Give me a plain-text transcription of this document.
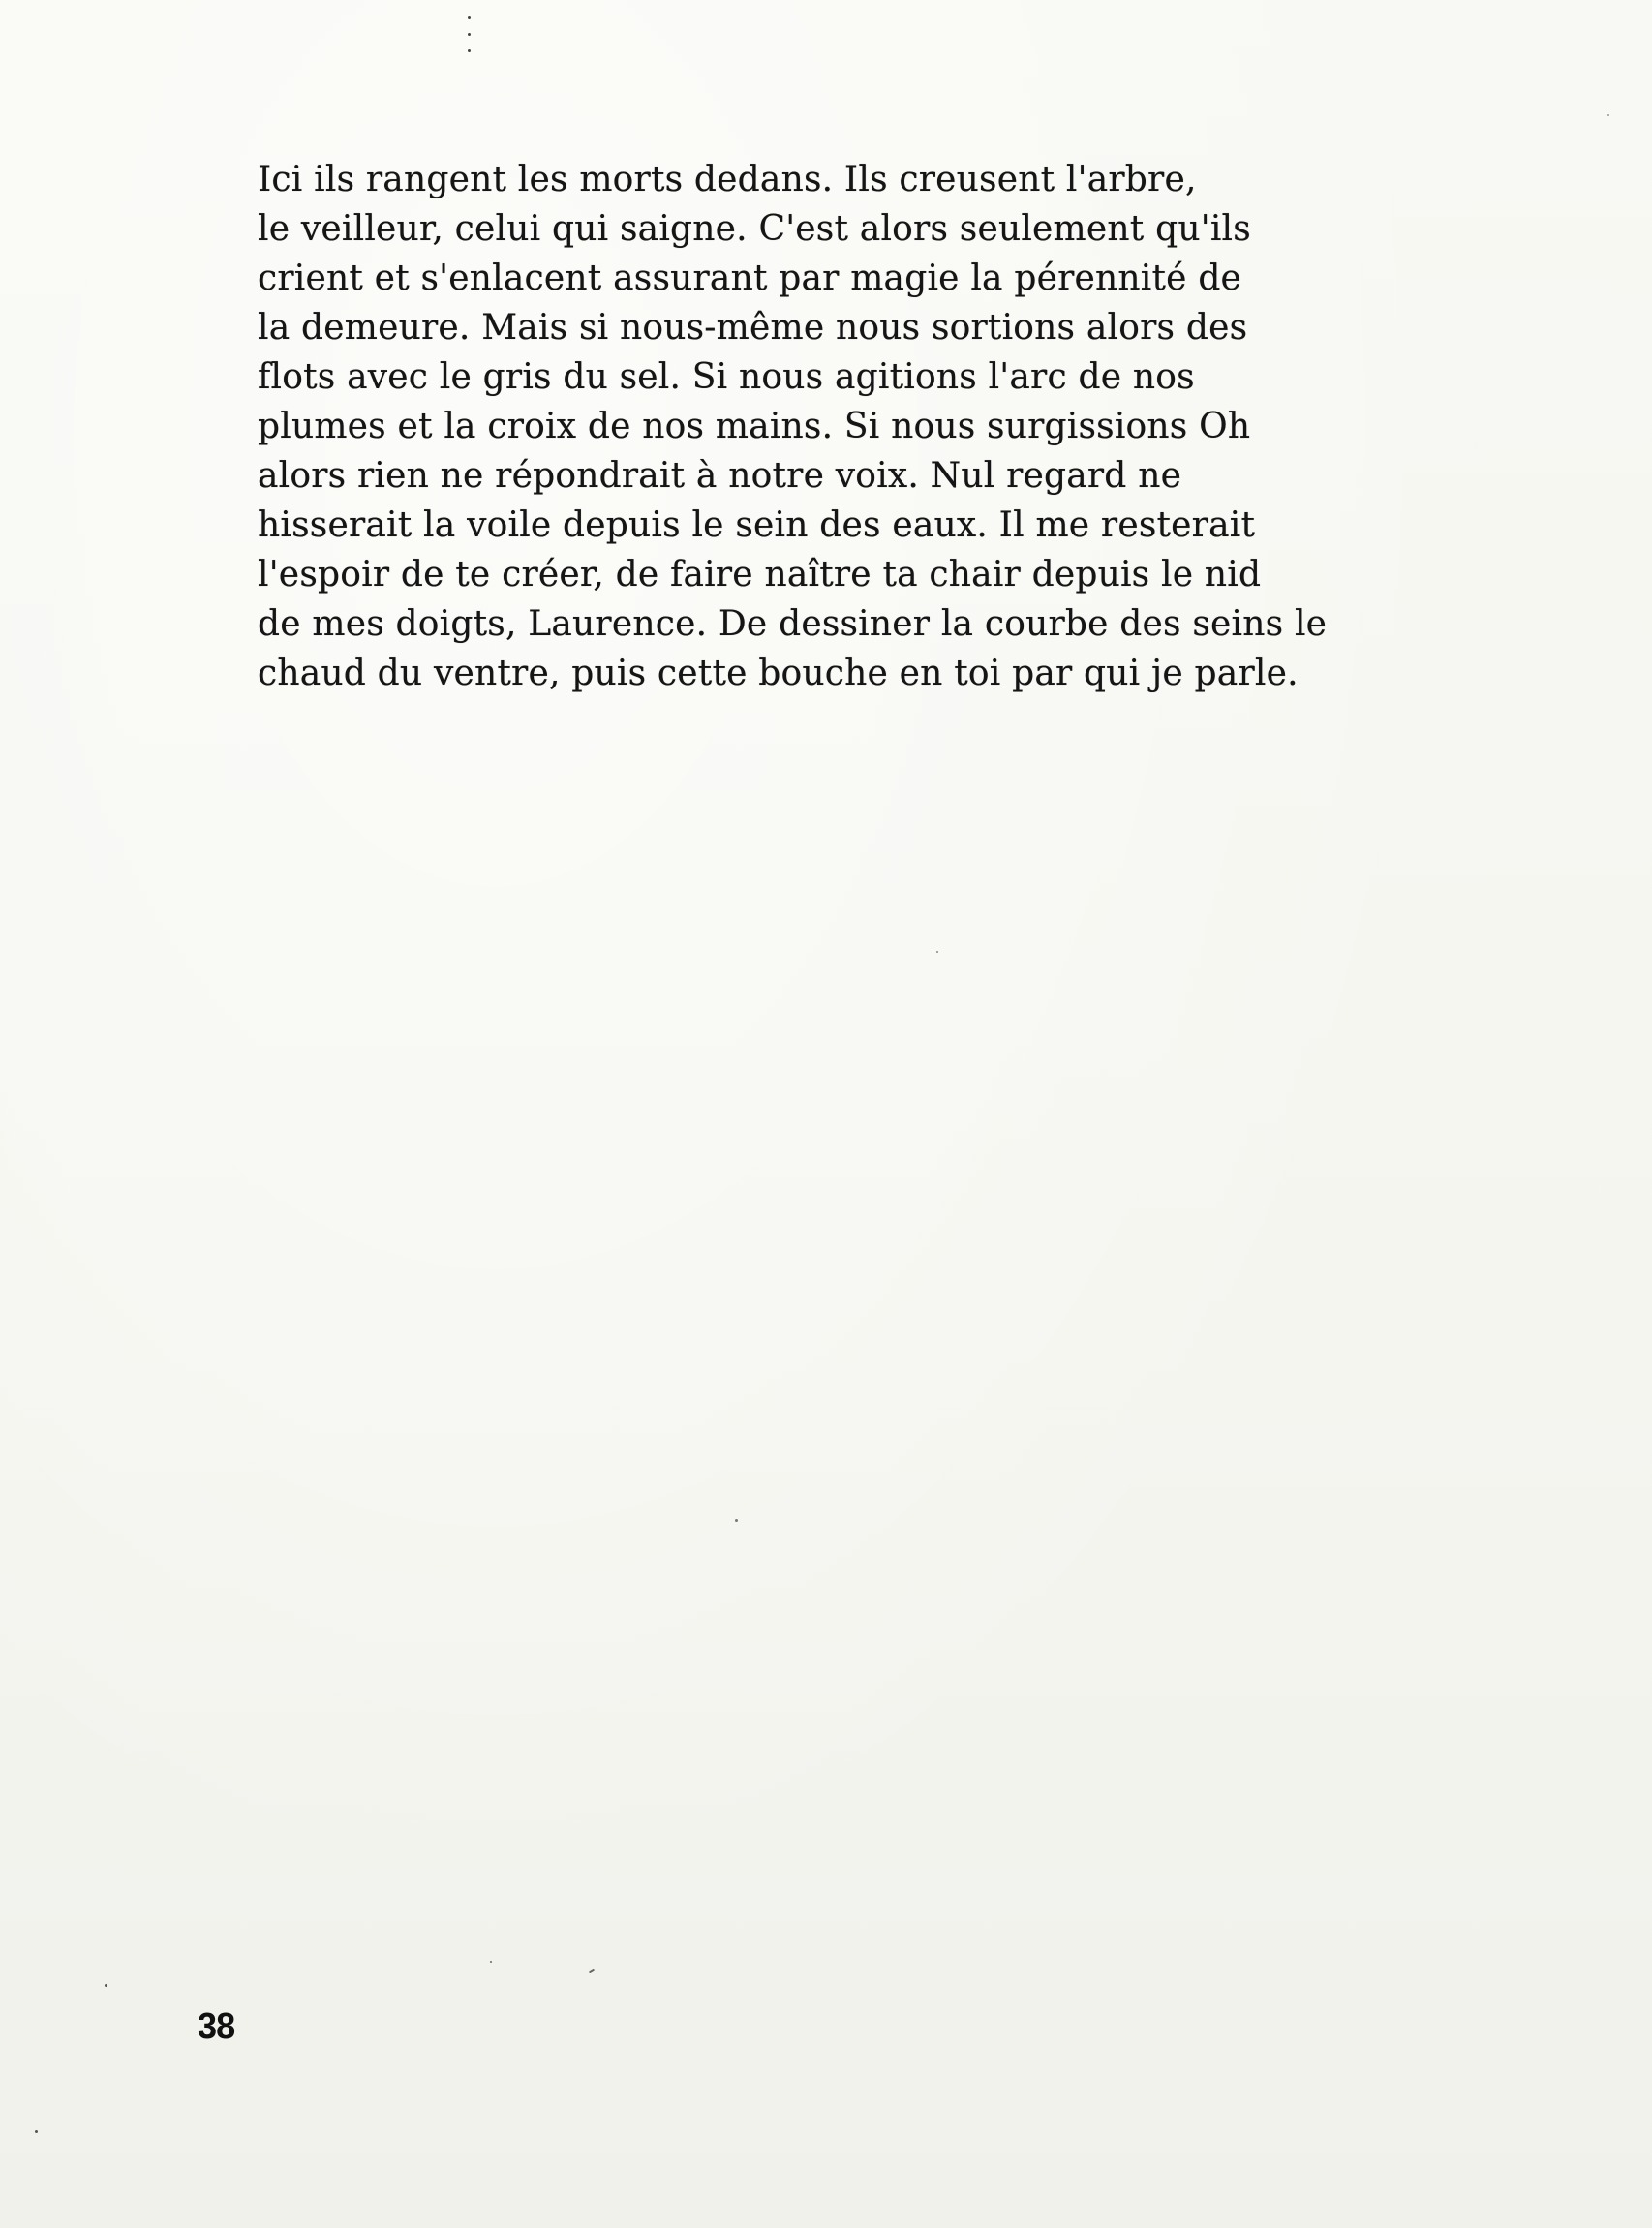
Ici ils rangent les morts dedans. Ils creusent l'arbre,
le veilleur, celui qui saigne. C'est alors seulement qu'ils
crient et s'enlacent assurant par magie la pérennité de
la demeure. Mais si nous-même nous sortions alors des
flots avec le gris du sel. Si nous agitions l'arc de nos
plumes et la croix de nos mains. Si nous surgissions Oh
alors rien ne répondrait à notre voix. Nul regard ne
hisserait la voile depuis le sein des eaux. Il me resterait
l'espoir de te créer, de faire naître ta chair depuis le nid
de mes doigts, Laurence. De dessiner la courbe des seins le
chaud du ventre, puis cette bouche en toi par qui je parle.
38
